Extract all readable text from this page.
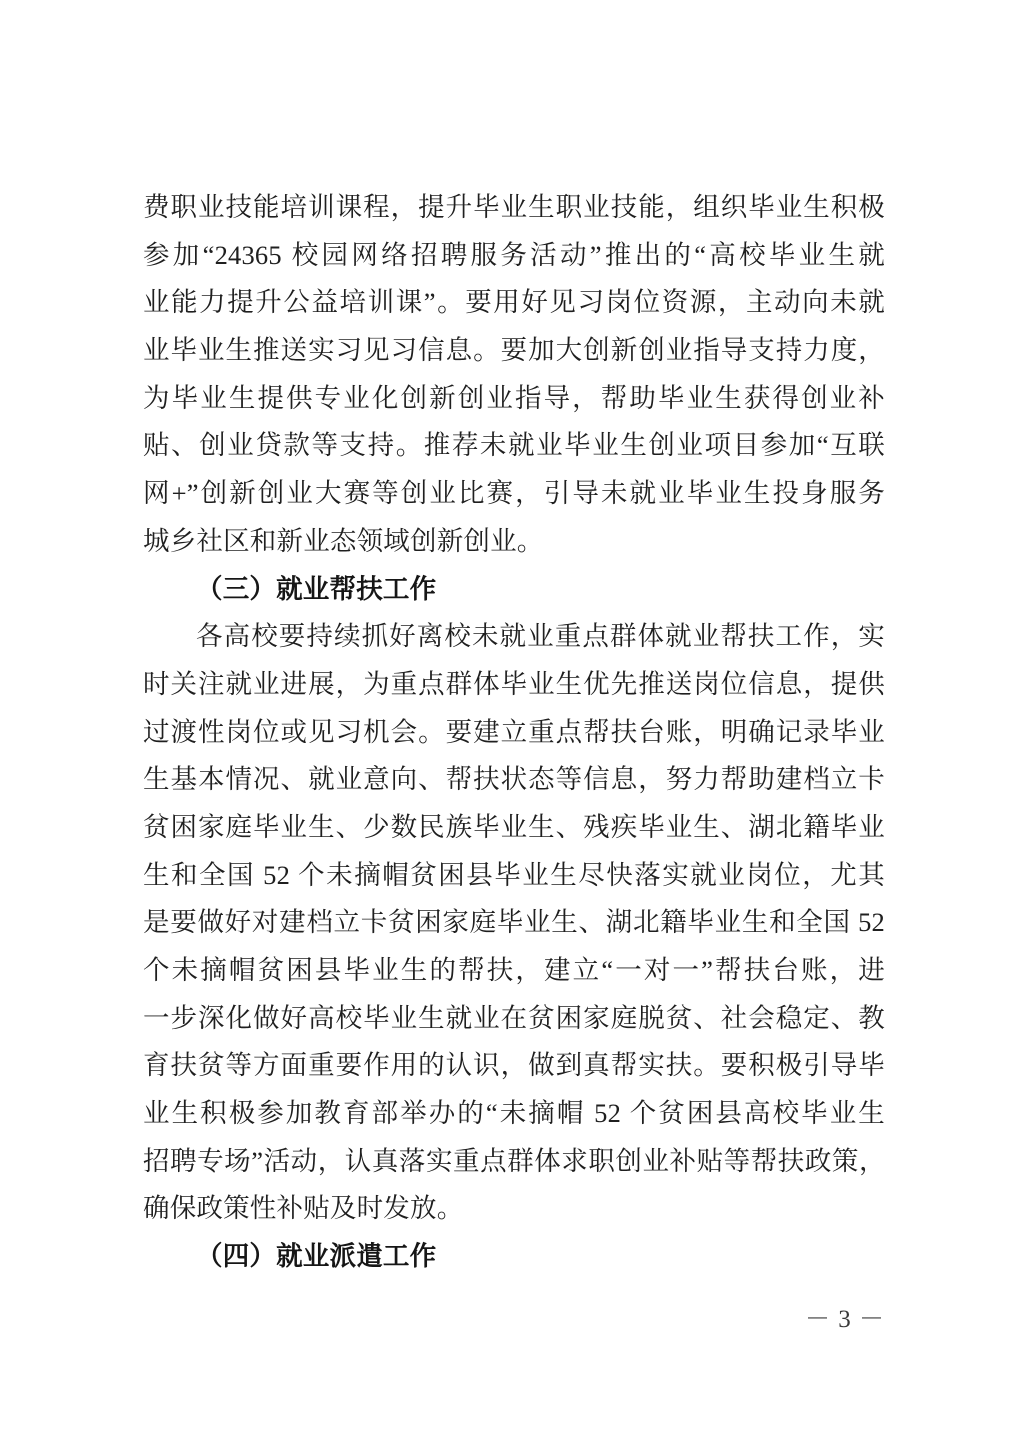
费职业技能培训课程，提升毕业生职业技能，组织毕业生积极
参加“24365 校园网络招聘服务活动”推出的“高校毕业生就
业能力提升公益培训课”。要用好见习岗位资源，主动向未就
业毕业生推送实习见习信息。要加大创新创业指导支持力度，
为毕业生提供专业化创新创业指导，帮助毕业生获得创业补
贴、创业贷款等支持。推荐未就业毕业生创业项目参加“互联
网+”创新创业大赛等创业比赛，引导未就业毕业生投身服务
城乡社区和新业态领域创新创业。
（三）就业帮扶工作
各高校要持续抓好离校未就业重点群体就业帮扶工作，实
时关注就业进展，为重点群体毕业生优先推送岗位信息，提供
过渡性岗位或见习机会。要建立重点帮扶台账，明确记录毕业
生基本情况、就业意向、帮扶状态等信息，努力帮助建档立卡
贫困家庭毕业生、少数民族毕业生、残疾毕业生、湖北籍毕业
生和全国 52 个未摘帽贫困县毕业生尽快落实就业岗位，尤其
是要做好对建档立卡贫困家庭毕业生、湖北籍毕业生和全国 52
个未摘帽贫困县毕业生的帮扶，建立“一对一”帮扶台账，进
一步深化做好高校毕业生就业在贫困家庭脱贫、社会稳定、教
育扶贫等方面重要作用的认识，做到真帮实扶。要积极引导毕
业生积极参加教育部举办的“未摘帽 52 个贫困县高校毕业生
招聘专场”活动，认真落实重点群体求职创业补贴等帮扶政策，
确保政策性补贴及时发放。
（四）就业派遣工作
－ 3 －
